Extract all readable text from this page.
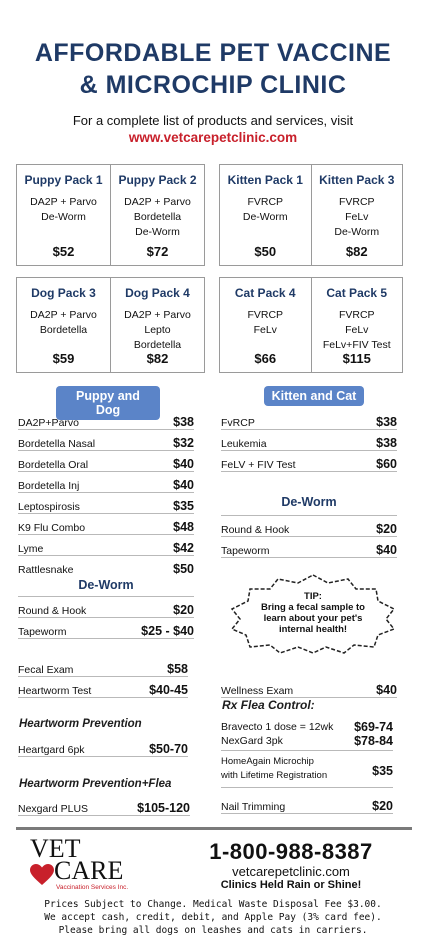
AFFORDABLE PET VACCINE
& MICROCHIP CLINIC
For a complete list of products and services, visit
www.vetcarepetclinic.com
Puppy Pack 1
DA2P + Parvo
De-Worm
$52
Puppy Pack 2
DA2P + Parvo
Bordetella
De-Worm
$72
Kitten Pack 1
FVRCP
De-Worm
$50
Kitten Pack 3
FVRCP
FeLv
De-Worm
$82
Dog Pack 3
DA2P + Parvo
Bordetella
$59
Dog Pack 4
DA2P + Parvo
Lepto
Bordetella
$82
Cat Pack 4
FVRCP
FeLv
$66
Cat Pack 5
FVRCP
FeLv
FeLv+FIV Test
$115
Puppy and Dog
DA2P+Parvo	$38
Bordetella Nasal	$32
Bordetella Oral	$40
Bordetella Inj	$40
Leptospirosis	$35
K9 Flu Combo	$48
Lyme	$42
Rattlesnake	$50
De-Worm
Round & Hook	$20
Tapeworm	$25 - $40
Fecal Exam	$58
Heartworm Test	$40-45
Heartworm Prevention
Heartgard 6pk	$50-70
Heartworm Prevention+Flea
Nexgard PLUS	$105-120
Kitten and Cat
FvRCP	$38
Leukemia	$38
FeLV + FIV Test	$60
De-Worm
Round & Hook	$20
Tapeworm	$40
TIP:
Bring a fecal sample to learn about your pet's internal health!
Wellness Exam	$40
Rx Flea Control:
Bravecto 1 dose = 12wk $69-74
NexGard 3pk	$78-84
HomeAgain Microchip
with Lifetime Registration	$35
Nail Trimming	$20
VET
CARE
Vaccination Services Inc.
1-800-988-8387
vetcarepetclinic.com
Clinics Held Rain or Shine!
Prices Subject to Change. Medical Waste Disposal Fee $3.00.
We accept cash, credit, debit, and Apple Pay (3% card fee).
Please bring all dogs on leashes and cats in carriers.
